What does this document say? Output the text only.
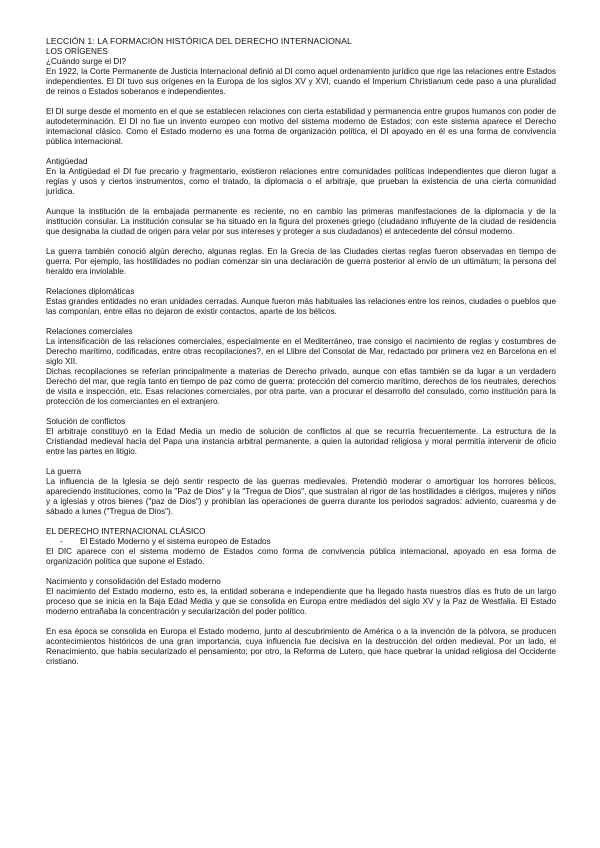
LECCIÓN 1: LA FORMACIÓN HISTÓRICA DEL DERECHO INTERNACIONAL

LOS ORÍGENES

¿Cuándo surge el DI?

En 1922, la Corte Permanente de Justicia Internacional definió al DI como aquel ordenamiento jurídico que rige las relaciones entre Estados independientes. El DI tuvo sus orígenes en la Europa de los siglos XV y XVI, cuando el Imperium Christianum cede paso a una pluralidad de reinos o Estados soberanos e independientes.

El DI surge desde el momento en el que se establecen relaciones con cierta estabilidad y permanencia entre grupos humanos con poder de autodeterminación. El DI no fue un invento europeo con motivo del sistema moderno de Estados; con este sistema aparece el Derecho internacional clásico. Como el Estado moderno es una forma de organización política, el DI apoyado en él es una forma de convivencia pública internacional.

Antigüedad

En la Antigüedad el DI fue precario y fragmentario, existieron relaciones entre comunidades políticas independientes que dieron lugar a reglas y usos y ciertos instrumentos, como el tratado, la diplomacia o el arbitraje, que prueban la existencia de una cierta comunidad jurídica.

Aunque la institución de la embajada permanente es reciente, no en cambio las primeras manifestaciones de la diplomacia y de la institución consular. La institución consular se ha situado en la figura del proxenes griego (ciudadano influyente de la ciudad de residencia que designaba la ciudad de origen para velar por sus intereses y proteger a sus ciudadanos) el antecedente del cónsul moderno.

La guerra también conoció algún derecho, algunas reglas. En la Grecia de las Ciudades ciertas reglas fueron observadas en tiempo de guerra. Por ejemplo, las hostilidades no podían comenzar sin una declaración de guerra posterior al envío de un ultimátum; la persona del heraldo era inviolable.

Relaciones diplomáticas

Estas grandes entidades no eran unidades cerradas. Aunque fueron más habituales las relaciones entre los reinos, ciudades o pueblos que las componían, entre ellas no dejaron de existir contactos, aparte de los bélicos.

Relaciones comerciales

La intensificación de las relaciones comerciales, especialmente en el Mediterráneo, trae consigo el nacimiento de reglas y costumbres de Derecho marítimo, codificadas, entre otras recopilaciones?, en el Llibre del Consolat de Mar, redactado por primera vez en Barcelona en el siglo XII.

Dichas recopilaciones se referían principalmente a materias de Derecho privado, aunque con ellas también se da lugar a un verdadero Derecho del mar, que regía tanto en tiempo de paz como de guerra: protección del comercio marítimo, derechos de los neutrales, derechos de visita e inspección, etc. Esas relaciones comerciales, por otra parte, van a procurar el desarrollo del consulado, como institución para la protección de los comerciantes en el extranjero.

Solución de conflictos

El arbitraje constituyó en la Edad Media un medio de solución de conflictos al que se recurría frecuentemente. La estructura de la Cristiandad medieval hacía del Papa una instancia arbitral permanente, a quien la autoridad religiosa y moral permitía intervenir de oficio entre las partes en litigio.

La guerra

La influencia de la Iglesia se dejó sentir respecto de las guerras medievales. Pretendió moderar o amortiguar los horrores bélicos, apareciendo instituciones, como la "Paz de Dios" y la "Tregua de Dios", que sustraían al rigor de las hostilidades a clérigos, mujeres y niños y a iglesias y otros bienes ("paz de Dios") y prohibían las operaciones de guerra durante los periodos sagrados: adviento, cuaresma y de sábado a lunes ("Tregua de Dios").

EL DERECHO INTERNACIONAL CLÁSICO

-	El Estado Moderno y el sistema europeo de Estados

El DIC aparece con el sistema moderno de Estados como forma de convivencia pública internacional, apoyado en esa forma de organización política que supone el Estado.

Nacimiento y consolidación del Estado moderno

El nacimiento del Estado moderno, esto es, la entidad soberana e independiente que ha llegado hasta nuestros días es fruto de un largo proceso que se inicia en la Baja Edad Media y que se consolida en Europa entre mediados del siglo XV y la Paz de Westfalia. El Estado moderno entrañaba la concentración y secularización del poder político.

En esa época se consolida en Europa el Estado moderno, junto al descubrimiento de América o a la invención de la pólvora, se producen acontecimientos históricos de una gran importancia, cuya influencia fue decisiva en la destrucción del orden medieval. Por un lado, el Renacimiento, que había secularizado el pensamiento; por otro, la Reforma de Lutero, que hace quebrar la unidad religiosa del Occidente cristiano.
